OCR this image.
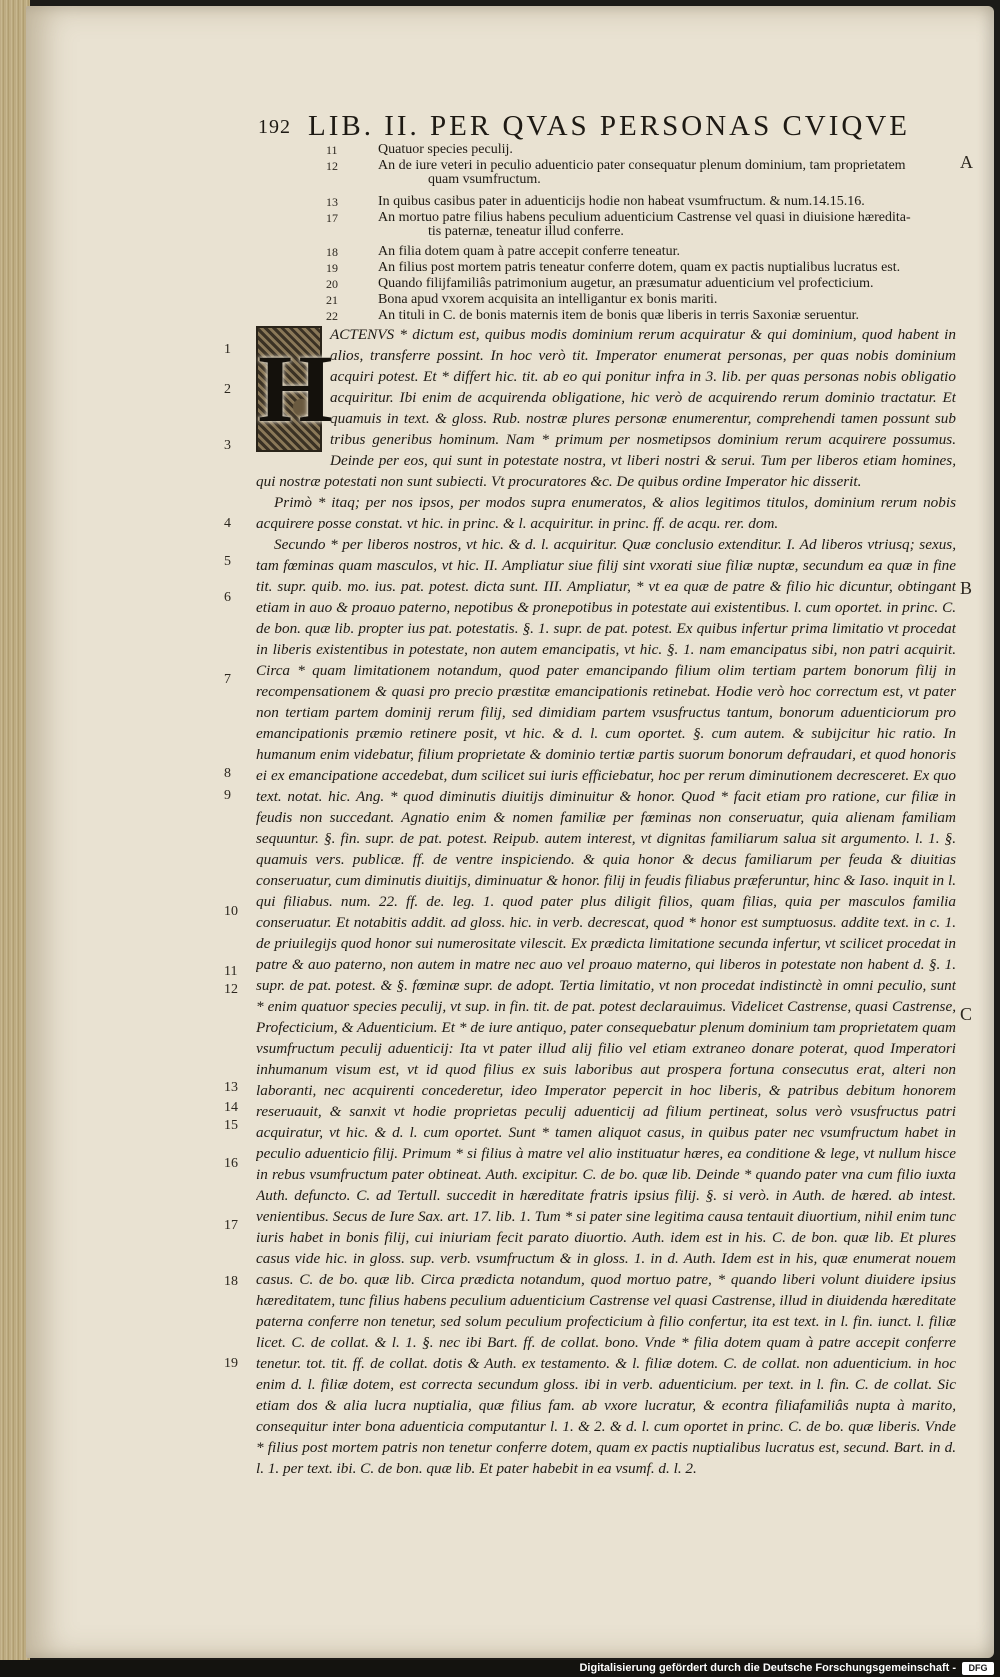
192 LIB. II. PER QVAS PERSONAS CVIQVE
11	Quatuor species peculij.
12	An de iure veteri in peculio aduenticio pater consequatur plenum dominium, tam proprietatem
quam vsumfructum.
13	In quibus casibus pater in aduenticijs hodie non habeat vsumfructum. & num.14.15.16.
17	An mortuo patre filius habens peculium aduenticium Castrense vel quasi in diuisione hæredita-
tis paternæ, teneatur illud conferre.
18	An filia dotem quam à patre accepit conferre teneatur.
19	An filius post mortem patris teneatur conferre dotem, quam ex pactis nuptialibus lucratus est.
20	Quando filijfamiliâs patrimonium augetur, an præsumatur aduenticium vel profecticium.
21	Bona apud vxorem acquisita an intelligantur ex bonis mariti.
22	An tituli in C. de bonis maternis item de bonis quæ liberis in terris Saxoniæ seruentur.
A
B
C
1
2
3
4
5
6
7
8
9
10
11
12
13
14
15
16
17
18
19
H

ACTENVS * dictum est, quibus modis dominium rerum acquiratur & qui dominium, quod habent in alios, transferre possint. In hoc verò tit. Imperator enumerat personas, per quas nobis dominium acquiri potest. Et * differt hic. tit. ab eo qui ponitur infra in 3. lib. per quas personas nobis obligatio acquiritur. Ibi enim de acquirenda obligatione, hic verò de acquirendo rerum dominio tractatur. Et quamuis in text. & gloss. Rub. nostræ plures personæ enumerentur, comprehendi tamen possunt sub tribus generibus hominum. Nam * primum per nosmetipsos dominium rerum acquirere possumus. Deinde per eos, qui sunt in potestate nostra, vt liberi nostri & serui. Tum per liberos etiam homines, qui nostræ potestati non sunt subiecti. Vt procuratores &c. De quibus ordine Imperator hic disserit.

Primò * itaq; per nos ipsos, per modos supra enumeratos, & alios legitimos titulos, dominium rerum nobis acquirere posse constat. vt hic. in princ. & l. acquiritur. in princ. ff. de acqu. rer. dom.

Secundo * per liberos nostros, vt hic. & d. l. acquiritur. Quæ conclusio extenditur. I. Ad liberos vtriusq; sexus, tam fœminas quam masculos, vt hic. II. Ampliatur siue filij sint vxorati siue filiæ nuptæ, secundum ea quæ in fine tit. supr. quib. mo. ius. pat. potest. dicta sunt. III. Ampliatur, * vt ea quæ de patre & filio hic dicuntur, obtingant etiam in auo & proauo paterno, nepotibus & pronepotibus in potestate aui existentibus. l. cum oportet. in princ. C. de bon. quæ lib. propter ius pat. potestatis. §. 1. supr. de pat. potest. Ex quibus infertur prima limitatio vt procedat in liberis existentibus in potestate, non autem emancipatis, vt hic. §. 1. nam emancipatus sibi, non patri acquirit. Circa * quam limitationem notandum, quod pater emancipando filium olim tertiam partem bonorum filij in recompensationem & quasi pro precio præstitæ emancipationis retinebat. Hodie verò hoc correctum est, vt pater non tertiam partem dominij rerum filij, sed dimidiam partem vsusfructus tantum, bonorum aduenticiorum pro emancipationis præmio retinere posit, vt hic. & d. l. cum oportet. §. cum autem. & subijcitur hic ratio. In humanum enim videbatur, filium proprietate & dominio tertiæ partis suorum bonorum defraudari, et quod honoris ei ex emancipatione accedebat, dum scilicet sui iuris efficiebatur, hoc per rerum diminutionem decresceret. Ex quo text. notat. hic. Ang. * quod diminutis diuitijs diminuitur & honor. Quod * facit etiam pro ratione, cur filiæ in feudis non succedant. Agnatio enim & nomen familiæ per fœminas non conseruatur, quia alienam familiam sequuntur. §. fin. supr. de pat. potest. Reipub. autem interest, vt dignitas familiarum salua sit argumento. l. 1. §. quamuis vers. publicæ. ff. de ventre inspiciendo. & quia honor & decus familiarum per feuda & diuitias conseruatur, cum diminutis diuitijs, diminuatur & honor. filij in feudis filiabus præferuntur, hinc & Iaso. inquit in l. qui filiabus. num. 22. ff. de. leg. 1. quod pater plus diligit filios, quam filias, quia per masculos familia conseruatur. Et notabitis addit. ad gloss. hic. in verb. decrescat, quod * honor est sumptuosus. addite text. in c. 1. de priuilegijs quod honor sui numerositate vilescit. Ex prædicta limitatione secunda infertur, vt scilicet procedat in patre & auo paterno, non autem in matre nec auo vel proauo materno, qui liberos in potestate non habent d. §. 1. supr. de pat. potest. & §. fœminæ supr. de adopt. Tertia limitatio, vt non procedat indistinctè in omni peculio, sunt * enim quatuor species peculij, vt sup. in fin. tit. de pat. potest declarauimus. Videlicet Castrense, quasi Castrense, Profecticium, & Aduenticium. Et * de iure antiquo, pater consequebatur plenum dominium tam proprietatem quam vsumfructum peculij aduenticij: Ita vt pater illud alij filio vel etiam extraneo donare poterat, quod Imperatori inhumanum visum est, vt id quod filius ex suis laboribus aut prospera fortuna consecutus erat, alteri non laboranti, nec acquirenti concederetur, ideo Imperator pepercit in hoc liberis, & patribus debitum honorem reseruauit, & sanxit vt hodie proprietas peculij aduenticij ad filium pertineat, solus verò vsusfructus patri acquiratur, vt hic. & d. l. cum oportet. Sunt * tamen aliquot casus, in quibus pater nec vsumfructum habet in peculio aduenticio filij. Primum * si filius à matre vel alio instituatur hæres, ea conditione & lege, vt nullum hisce in rebus vsumfructum pater obtineat. Auth. excipitur. C. de bo. quæ lib. Deinde * quando pater vna cum filio iuxta Auth. defuncto. C. ad Tertull. succedit in hæreditate fratris ipsius filij. §. si verò. in Auth. de hæred. ab intest. venientibus. Secus de Iure Sax. art. 17. lib. 1. Tum * si pater sine legitima causa tentauit diuortium, nihil enim tunc iuris habet in bonis filij, cui iniuriam fecit parato diuortio. Auth. idem est in his. C. de bon. quæ lib. Et plures casus vide hic. in gloss. sup. verb. vsumfructum & in gloss. 1. in d. Auth. Idem est in his, quæ enumerat nouem casus. C. de bo. quæ lib. Circa prædicta notandum, quod mortuo patre, * quando liberi volunt diuidere ipsius hæreditatem, tunc filius habens peculium aduenticium Castrense vel quasi Castrense, illud in diuidenda hæreditate paterna conferre non tenetur, sed solum peculium profecticium à filio confertur, ita est text. in l. fin. iunct. l. filiæ licet. C. de collat. & l. 1. §. nec ibi Bart. ff. de collat. bono. Vnde * filia dotem quam à patre accepit conferre tenetur. tot. tit. ff. de collat. dotis & Auth. ex testamento. & l. filiæ dotem. C. de collat. non aduenticium. in hoc enim d. l. filiæ dotem, est correcta secundum gloss. ibi in verb. aduenticium. per text. in l. fin. C. de collat. Sic etiam dos & alia lucra nuptialia, quæ filius fam. ab vxore lucratur, & econtra filiafamiliâs nupta à marito, consequitur inter bona aduenticia computantur l. 1. & 2. & d. l. cum oportet in princ. C. de bo. quæ liberis. Vnde * filius post mortem patris non tenetur conferre dotem, quam ex pactis nuptialibus lucratus est, secund. Bart. in d. l. 1. per text. ibi. C. de bon. quæ lib. Et pater habebit in ea vsumf. d. l. 2.

Digitalisierung gefördert durch die Deutsche Forschungsgemeinschaft -	DFG
